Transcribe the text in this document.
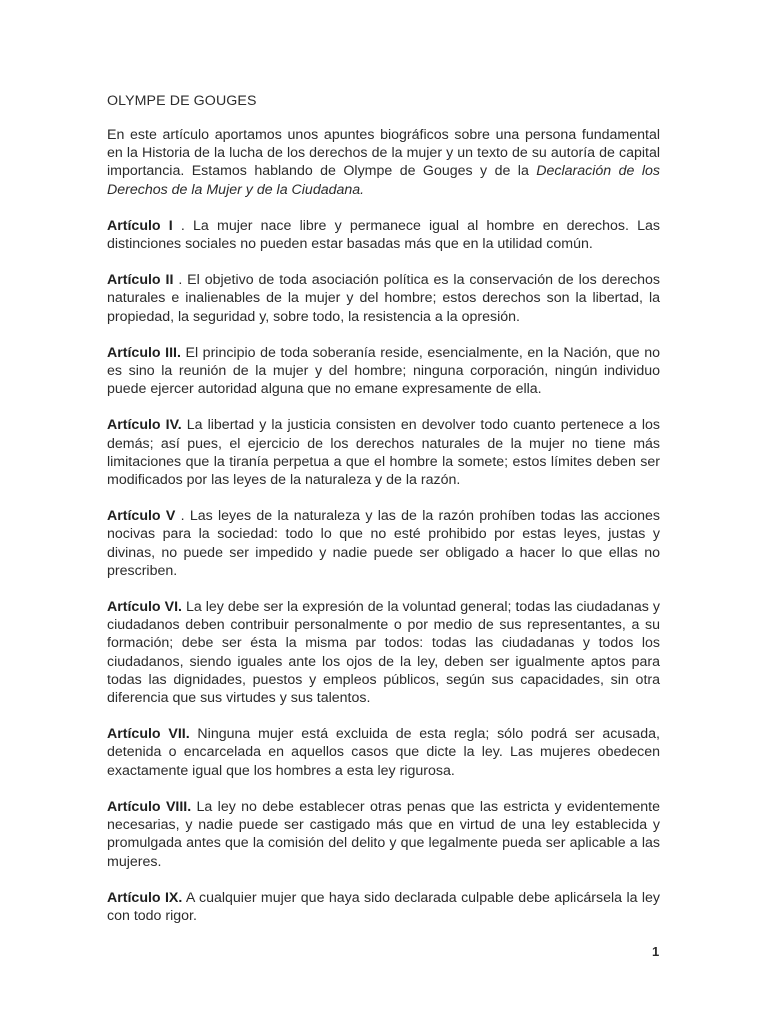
OLYMPE DE GOUGES

En este artículo aportamos unos apuntes biográficos sobre una persona fundamental en la Historia de la lucha de los derechos de la mujer y un texto de su autoría de capital importancia. Estamos hablando de Olympe de Gouges y de la Declaración de los Derechos de la Mujer y de la Ciudadana.

Artículo I . La mujer nace libre y permanece igual al hombre en derechos. Las distinciones sociales no pueden estar basadas más que en la utilidad común.

Artículo II . El objetivo de toda asociación política es la conservación de los derechos naturales e inalienables de la mujer y del hombre; estos derechos son la libertad, la propiedad, la seguridad y, sobre todo, la resistencia a la opresión.

Artículo III. El principio de toda soberanía reside, esencialmente, en la Nación, que no es sino la reunión de la mujer y del hombre; ninguna corporación, ningún individuo puede ejercer autoridad alguna que no emane expresamente de ella.

Artículo IV. La libertad y la justicia consisten en devolver todo cuanto pertenece a los demás; así pues, el ejercicio de los derechos naturales de la mujer no tiene más limitaciones que la tiranía perpetua a que el hombre la somete; estos límites deben ser modificados por las leyes de la naturaleza y de la razón.

Artículo V . Las leyes de la naturaleza y las de la razón prohíben todas las acciones nocivas para la sociedad: todo lo que no esté prohibido por estas leyes, justas y divinas, no puede ser impedido y nadie puede ser obligado a hacer lo que ellas no prescriben.

Artículo VI. La ley debe ser la expresión de la voluntad general; todas las ciudadanas y ciudadanos deben contribuir personalmente o por medio de sus representantes, a su formación; debe ser ésta la misma par todos: todas las ciudadanas y todos los ciudadanos, siendo iguales ante los ojos de la ley, deben ser igualmente aptos para todas las dignidades, puestos y empleos públicos, según sus capacidades, sin otra diferencia que sus virtudes y sus talentos.

Artículo VII. Ninguna mujer está excluida de esta regla; sólo podrá ser acusada, detenida o encarcelada en aquellos casos que dicte la ley. Las mujeres obedecen exactamente igual que los hombres a esta ley rigurosa.

Artículo VIII. La ley no debe establecer otras penas que las estricta y evidentemente necesarias, y nadie puede ser castigado más que en virtud de una ley establecida y promulgada antes que la comisión del delito y que legalmente pueda ser aplicable a las mujeres.

Artículo IX. A cualquier mujer que haya sido declarada culpable debe aplicársela la ley con todo rigor.

1
